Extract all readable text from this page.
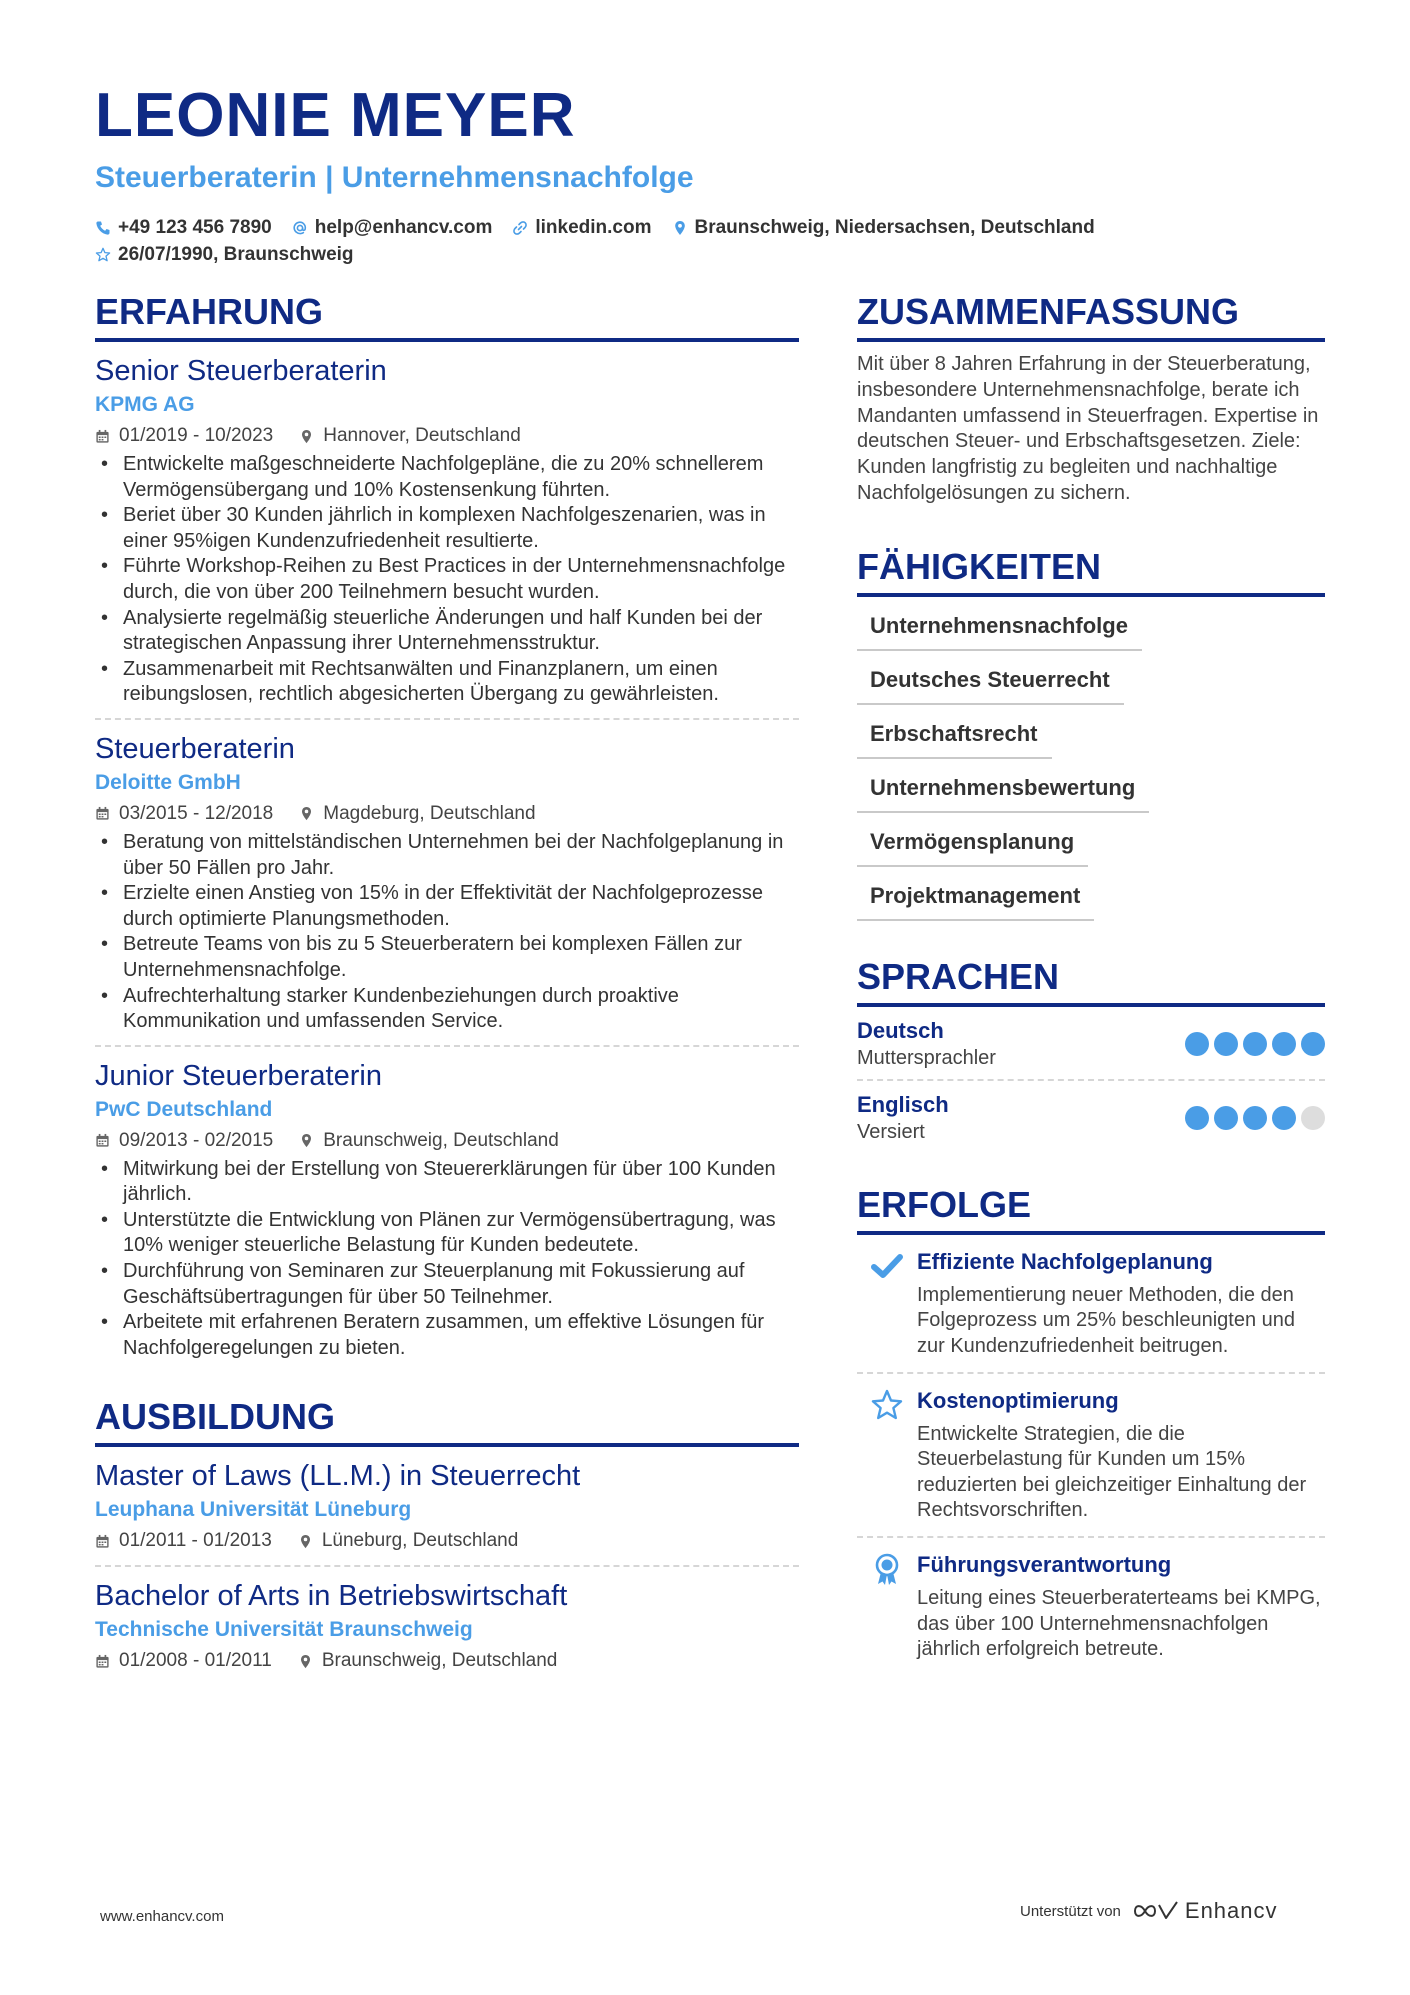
LEONIE MEYER
Steuerberaterin | Unternehmensnachfolge
+49 123 456 7890 help@enhancv.com linkedin.com Braunschweig, Niedersachsen, Deutschland
26/07/1990, Braunschweig
ERFAHRUNG
Senior Steuerberaterin
KPMG AG
01/2019 - 10/2023	Hannover, Deutschland
• Entwickelte maßgeschneiderte Nachfolgepläne, die zu 20% schnellerem Vermögensübergang und 10% Kostensenkung führten.
• Beriet über 30 Kunden jährlich in komplexen Nachfolgeszenarien, was in einer 95%igen Kundenzufriedenheit resultierte.
• Führte Workshop-Reihen zu Best Practices in der Unternehmensnachfolge durch, die von über 200 Teilnehmern besucht wurden.
• Analysierte regelmäßig steuerliche Änderungen und half Kunden bei der strategischen Anpassung ihrer Unternehmensstruktur.
• Zusammenarbeit mit Rechtsanwälten und Finanzplanern, um einen reibungslosen, rechtlich abgesicherten Übergang zu gewährleisten.
Steuerberaterin
Deloitte GmbH
03/2015 - 12/2018	Magdeburg, Deutschland
• Beratung von mittelständischen Unternehmen bei der Nachfolgeplanung in über 50 Fällen pro Jahr.
• Erzielte einen Anstieg von 15% in der Effektivität der Nachfolgeprozesse durch optimierte Planungsmethoden.
• Betreute Teams von bis zu 5 Steuerberatern bei komplexen Fällen zur Unternehmensnachfolge.
• Aufrechterhaltung starker Kundenbeziehungen durch proaktive Kommunikation und umfassenden Service.
Junior Steuerberaterin
PwC Deutschland
09/2013 - 02/2015	Braunschweig, Deutschland
• Mitwirkung bei der Erstellung von Steuererklärungen für über 100 Kunden jährlich.
• Unterstützte die Entwicklung von Plänen zur Vermögensübertragung, was 10% weniger steuerliche Belastung für Kunden bedeutete.
• Durchführung von Seminaren zur Steuerplanung mit Fokussierung auf Geschäftsübertragungen für über 50 Teilnehmer.
• Arbeitete mit erfahrenen Beratern zusammen, um effektive Lösungen für Nachfolgeregelungen zu bieten.
AUSBILDUNG
Master of Laws (LL.M.) in Steuerrecht
Leuphana Universität Lüneburg
01/2011 - 01/2013	Lüneburg, Deutschland
Bachelor of Arts in Betriebswirtschaft
Technische Universität Braunschweig
01/2008 - 01/2011	Braunschweig, Deutschland
ZUSAMMENFASSUNG
Mit über 8 Jahren Erfahrung in der Steuerberatung, insbesondere Unternehmensnachfolge, berate ich Mandanten umfassend in Steuerfragen. Expertise in deutschen Steuer- und Erbschaftsgesetzen. Ziele: Kunden langfristig zu begleiten und nachhaltige Nachfolgelösungen zu sichern.
FÄHIGKEITEN
Unternehmensnachfolge
Deutsches Steuerrecht
Erbschaftsrecht
Unternehmensbewertung
Vermögensplanung
Projektmanagement
SPRACHEN
Deutsch
Muttersprachler
Englisch
Versiert
ERFOLGE
Effiziente Nachfolgeplanung
Implementierung neuer Methoden, die den Folgeprozess um 25% beschleunigten und zur Kundenzufriedenheit beitrugen.
Kostenoptimierung
Entwickelte Strategien, die die Steuerbelastung für Kunden um 15% reduzierten bei gleichzeitiger Einhaltung der Rechtsvorschriften.
Führungsverantwortung
Leitung eines Steuerberaterteams bei KMPG, das über 100 Unternehmensnachfolgen jährlich erfolgreich betreute.
www.enhancv.com	Unterstützt von	Enhancv
